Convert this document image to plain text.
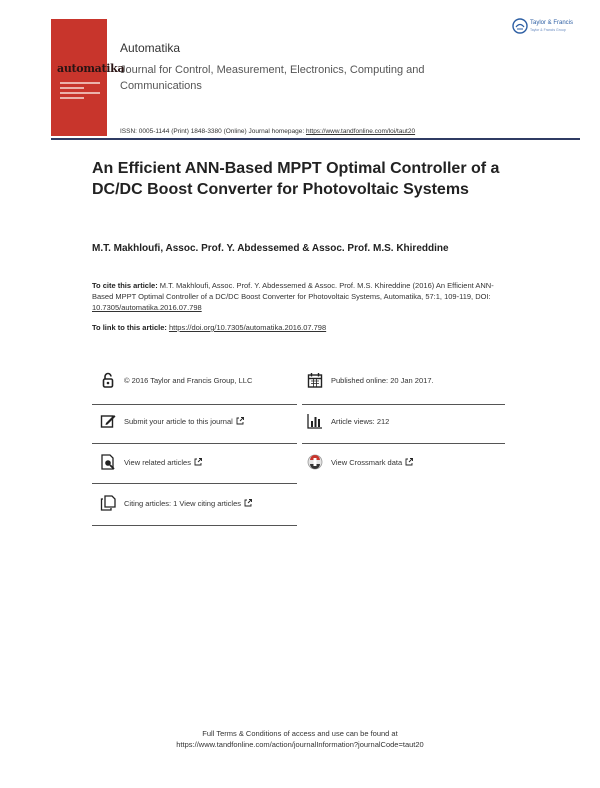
automatika
Taylor & Francis
Taylor & Francis Group
Automatika
Journal for Control, Measurement, Electronics, Computing and Communications
ISSN: 0005-1144 (Print) 1848-3380 (Online) Journal homepage: https://www.tandfonline.com/loi/taut20
An Efficient ANN-Based MPPT Optimal Controller of a DC/DC Boost Converter for Photovoltaic Systems
M.T. Makhloufi, Assoc. Prof. Y. Abdessemed & Assoc. Prof. M.S. Khireddine
To cite this article: M.T. Makhloufi, Assoc. Prof. Y. Abdessemed & Assoc. Prof. M.S. Khireddine (2016) An Efficient ANN-Based MPPT Optimal Controller of a DC/DC Boost Converter for Photovoltaic Systems, Automatika, 57:1, 109-119, DOI: 10.7305/automatika.2016.07.798
To link to this article: https://doi.org/10.7305/automatika.2016.07.798
© 2016 Taylor and Francis Group, LLC	Published online: 20 Jan 2017.
Submit your article to this journal	Article views: 212
View related articles	View Crossmark data
Citing articles: 1 View citing articles
Full Terms & Conditions of access and use can be found at
https://www.tandfonline.com/action/journalInformation?journalCode=taut20
